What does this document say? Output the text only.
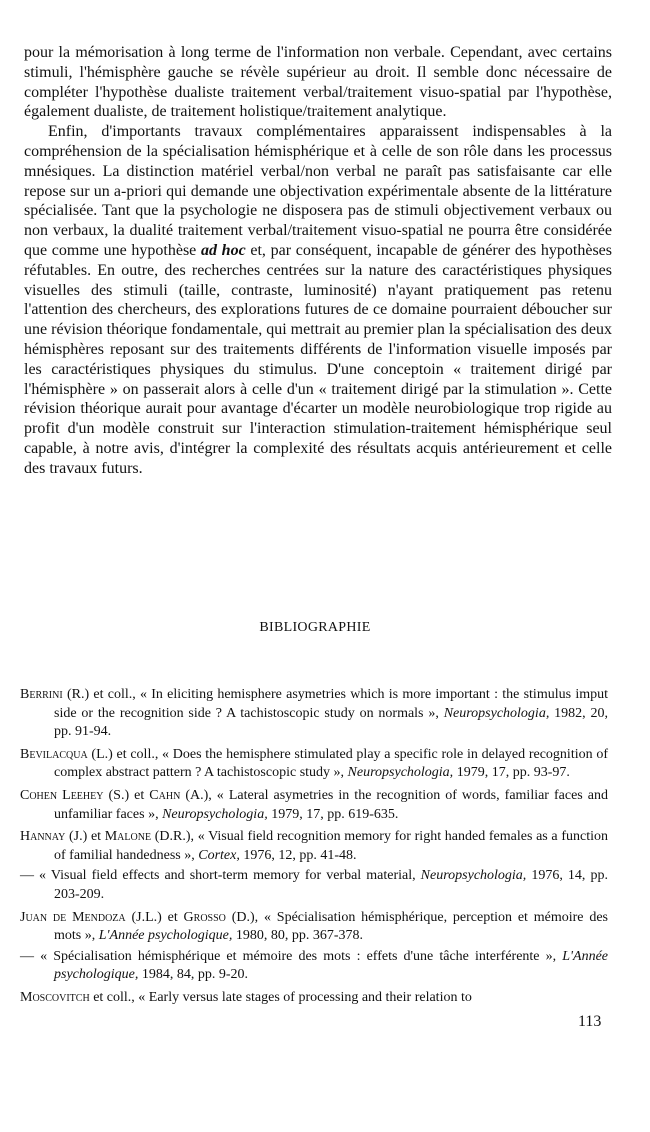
pour la mémorisation à long terme de l'information non verbale. Cependant, avec certains stimuli, l'hémisphère gauche se révèle supérieur au droit. Il semble donc nécessaire de compléter l'hypothèse dualiste traitement verbal/traitement visuo-spatial par l'hypothèse, également dualiste, de traitement holistique/traitement analytique.

Enfin, d'importants travaux complémentaires apparaissent indispensables à la compréhension de la spécialisation hémisphérique et à celle de son rôle dans les processus mnésiques. La distinction matériel verbal/non verbal ne paraît pas satisfaisante car elle repose sur un a-priori qui demande une objectivation expérimentale absente de la littérature spécialisée. Tant que la psychologie ne disposera pas de stimuli objectivement verbaux ou non verbaux, la dualité traitement verbal/traitement visuo-spatial ne pourra être considérée que comme une hypothèse ad hoc et, par conséquent, incapable de générer des hypothèses réfutables. En outre, des recherches centrées sur la nature des caractéristiques physiques visuelles des stimuli (taille, contraste, luminosité) n'ayant pratiquement pas retenu l'attention des chercheurs, des explorations futures de ce domaine pourraient déboucher sur une révision théorique fondamentale, qui mettrait au premier plan la spécialisation des deux hémisphères reposant sur des traitements différents de l'information visuelle imposés par les caractéristiques physiques du stimulus. D'une conceptoin « traitement dirigé par l'hémisphère » on passerait alors à celle d'un « traitement dirigé par la stimulation ». Cette révision théorique aurait pour avantage d'écarter un modèle neurobiologique trop rigide au profit d'un modèle construit sur l'interaction stimulation-traitement hémisphérique seul capable, à notre avis, d'intégrer la complexité des résultats acquis antérieurement et celle des travaux futurs.

BIBLIOGRAPHIE
Berrini (R.) et coll., « In eliciting hemisphere asymetries which is more important : the stimulus imput side or the recognition side ? A tachistoscopic study on normals », Neuropsychologia, 1982, 20, pp. 91-94.
Bevilacqua (L.) et coll., « Does the hemisphere stimulated play a specific role in delayed recognition of complex abstract pattern ? A tachistoscopic study », Neuropsychologia, 1979, 17, pp. 93-97.
Cohen Leehey (S.) et Cahn (A.), « Lateral asymetries in the recognition of words, familiar faces and unfamiliar faces », Neuropsychologia, 1979, 17, pp. 619-635.
Hannay (J.) et Malone (D.R.), « Visual field recognition memory for right handed females as a function of familial handedness », Cortex, 1976, 12, pp. 41-48.
— « Visual field effects and short-term memory for verbal material, Neuropsychologia, 1976, 14, pp. 203-209.
Juan de Mendoza (J.L.) et Grosso (D.), « Spécialisation hémisphérique, perception et mémoire des mots », L'Année psychologique, 1980, 80, pp. 367-378.
— « Spécialisation hémisphérique et mémoire des mots : effets d'une tâche interférente », L'Année psychologique, 1984, 84, pp. 9-20.
Moscovitch et coll., « Early versus late stages of processing and their relation to
113
